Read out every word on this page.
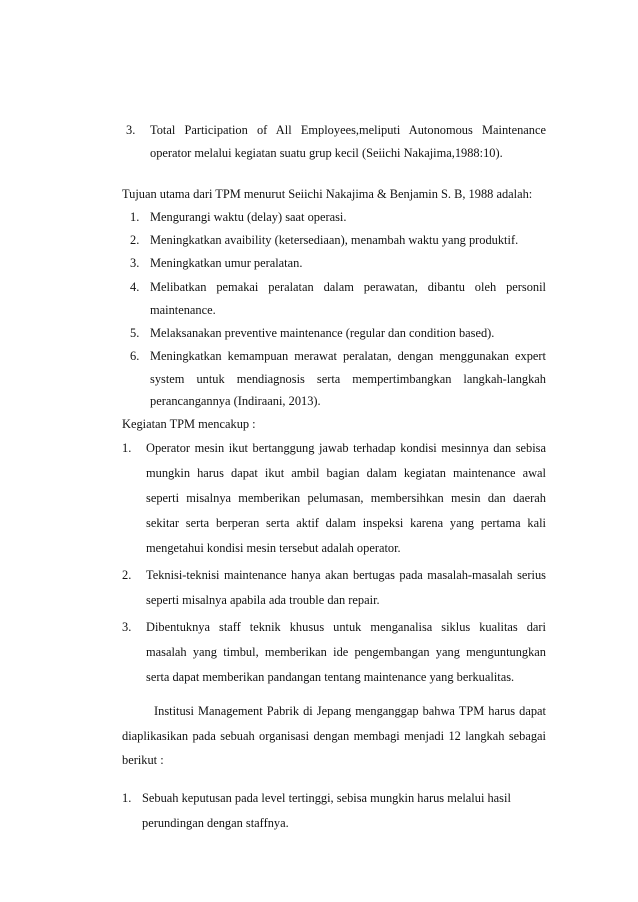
3. Total Participation of All Employees,meliputi Autonomous Maintenance
operator melalui kegiatan suatu grup kecil (Seiichi Nakajima,1988:10).
Tujuan utama dari TPM menurut Seiichi Nakajima & Benjamin S. B, 1988 adalah:
1. Mengurangi waktu (delay) saat operasi.
2. Meningkatkan avaibility (ketersediaan), menambah waktu yang produktif.
3. Meningkatkan umur peralatan.
4. Melibatkan pemakai peralatan dalam perawatan, dibantu oleh personil
maintenance.
5. Melaksanakan preventive maintenance (regular dan condition based).
6. Meningkatkan kemampuan merawat peralatan, dengan menggunakan expert
system untuk mendiagnosis serta mempertimbangkan langkah-langkah
perancangannya (Indiraani, 2013).
Kegiatan TPM mencakup :
1. Operator mesin ikut bertanggung jawab terhadap kondisi mesinnya dan sebisa
mungkin harus dapat ikut ambil bagian dalam kegiatan maintenance awal
seperti misalnya memberikan pelumasan, membersihkan mesin dan daerah
sekitar serta berperan serta aktif dalam inspeksi karena yang pertama kali
mengetahui kondisi mesin tersebut adalah operator.
2. Teknisi-teknisi maintenance hanya akan bertugas pada masalah-masalah serius
seperti misalnya apabila ada trouble dan repair.
3. Dibentuknya staff teknik khusus untuk menganalisa siklus kualitas dari
masalah yang timbul, memberikan ide pengembangan yang menguntungkan
serta dapat memberikan pandangan tentang maintenance yang berkualitas.
Institusi Management Pabrik di Jepang menganggap bahwa TPM harus dapat
diaplikasikan pada sebuah organisasi dengan membagi menjadi 12 langkah sebagai
berikut :
1. Sebuah keputusan pada level tertinggi, sebisa mungkin harus melalui hasil
perundingan dengan staffnya.
